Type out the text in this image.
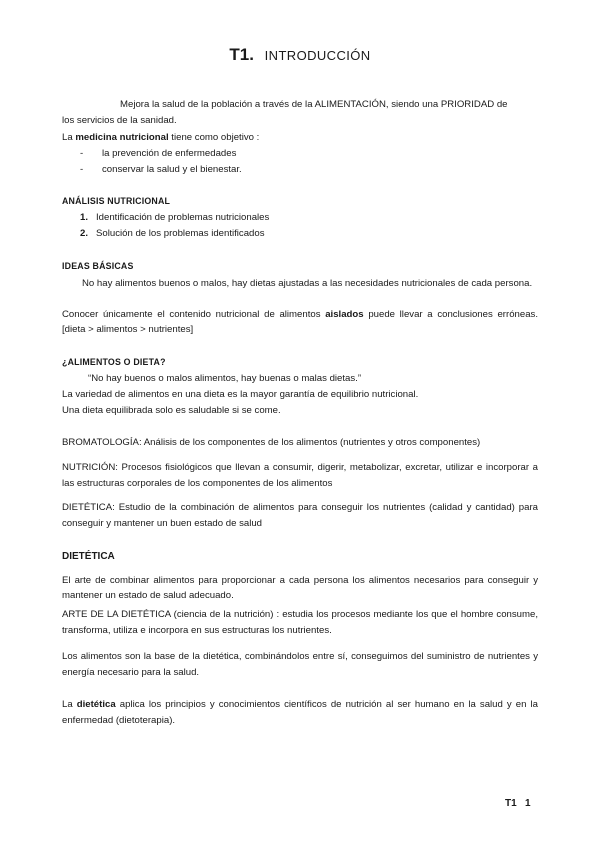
T1. INTRODUCCIÓN

Mejora la salud de la población a través de la ALIMENTACIÓN, siendo una PRIORIDAD de

los servicios de la sanidad.

La medicina nutricional tiene como objetivo :

- la prevención de enfermedades

- conservar la salud y el bienestar.

ANÁLISIS NUTRICIONAL

1. Identificación de problemas nutricionales

2. Solución de los problemas identificados

IDEAS BÁSICAS

No hay alimentos buenos o malos, hay dietas ajustadas a las necesidades nutricionales de cada persona.

Conocer únicamente el contenido nutricional de alimentos aislados puede llevar a conclusiones erróneas. [dieta > alimentos > nutrientes]

¿ALIMENTOS O DIETA?

“No hay buenos o malos alimentos, hay buenas o malas dietas.”

La variedad de alimentos en una dieta es la mayor garantía de equilibrio nutricional.

Una dieta equilibrada solo es saludable si se come.

BROMATOLOGÍA: Análisis de los componentes de los alimentos (nutrientes y otros componentes)

NUTRICIÓN: Procesos fisiológicos que llevan a consumir, digerir, metabolizar, excretar, utilizar e incorporar a las estructuras corporales de los componentes de los alimentos

DIETÉTICA: Estudio de la combinación de alimentos para conseguir los nutrientes (calidad y cantidad) para conseguir y mantener un buen estado de salud

DIETÉTICA

El arte de combinar alimentos para proporcionar a cada persona los alimentos necesarios para conseguir y mantener un estado de salud adecuado.

ARTE DE LA DIETÉTICA (ciencia de la nutrición) : estudia los procesos mediante los que el hombre consume, transforma, utiliza e incorpora en sus estructuras los nutrientes.

Los alimentos son la base de la dietética, combinándolos entre sí, conseguimos del suministro de nutrientes y energía necesario para la salud.

La dietética aplica los principios y conocimientos científicos de nutrición al ser humano en la salud y en la enfermedad (dietoterapia).

T1 1
